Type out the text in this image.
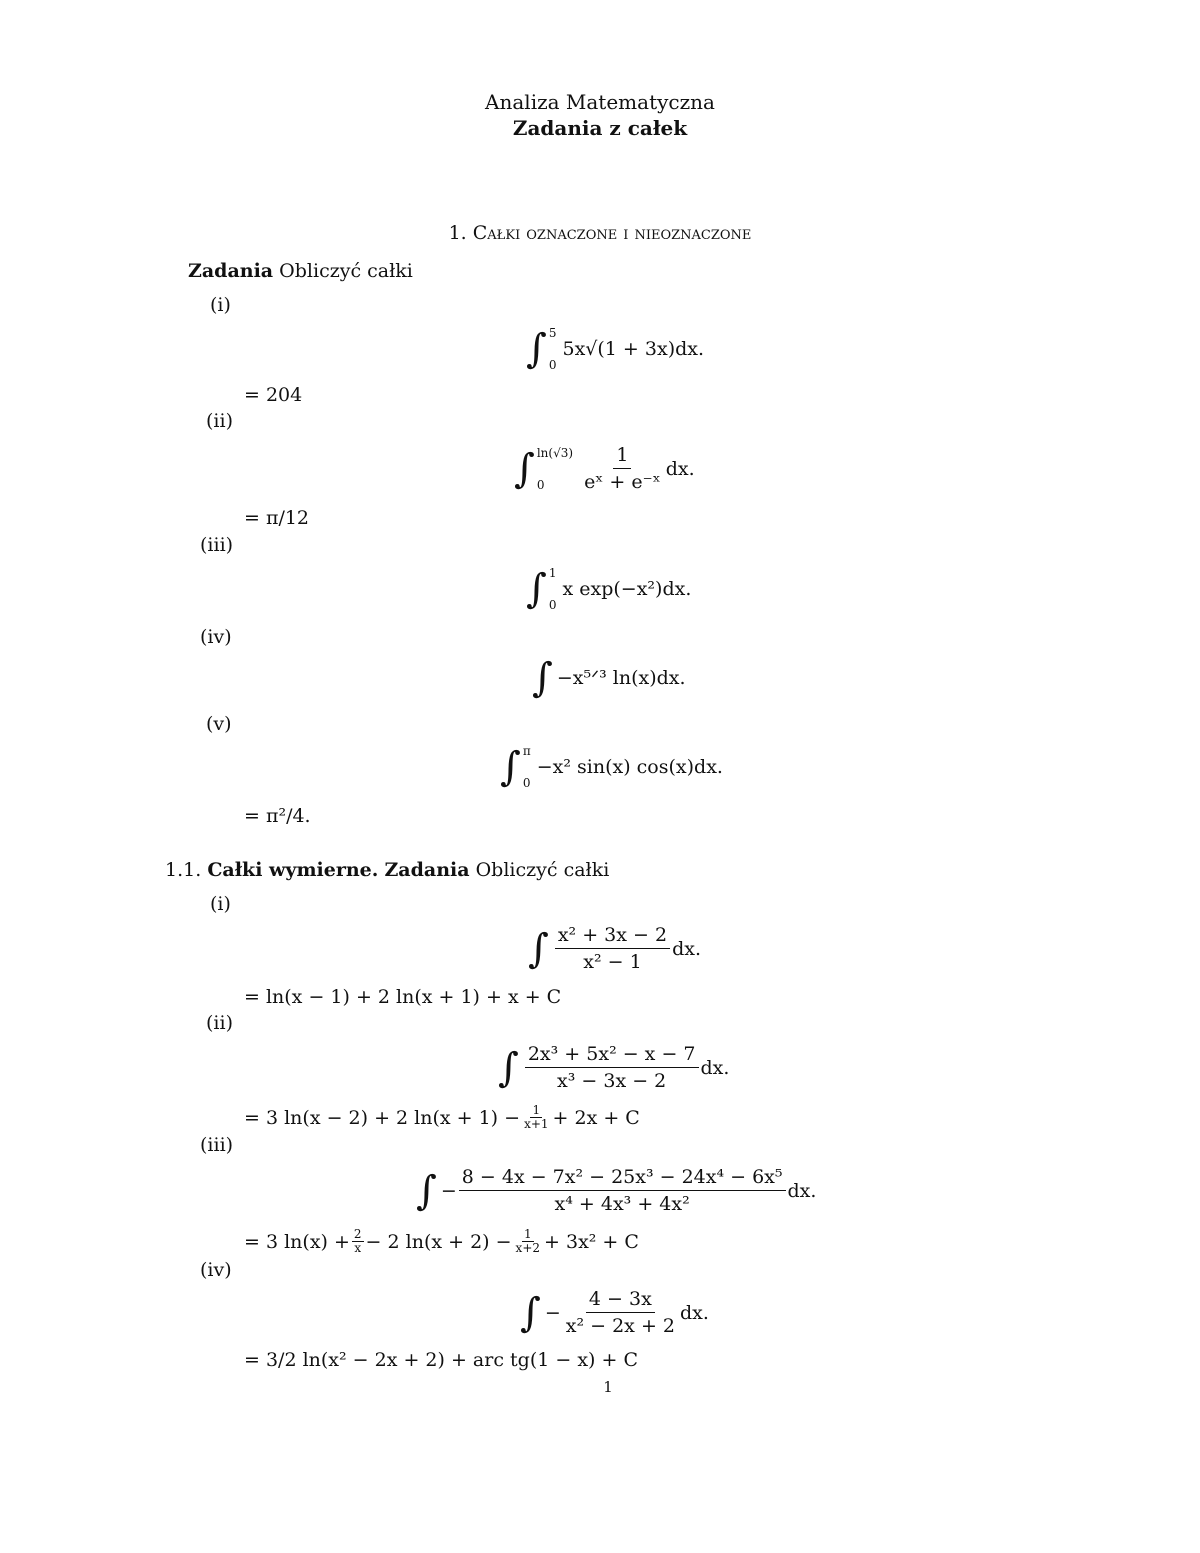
Analiza Matematyczna
Zadania z całek
1. Całki oznaczone i nieoznaczone
Zadania Obliczyć całki
(i)
∫ 5
0
5x√(1 + 3x)dx.
= 204
(ii)
∫ ln(√3)
0	$\frac{1}{\text{eˣ + e⁻ˣ}}$ dx.
= π/12
(iii)
∫ 1
0
x exp(−x²)dx.
(iv)
∫ −x⁵ᐟ³ ln(x)dx.
(v)
∫ π
0
−x² sin(x) cos(x)dx.
= π²/4.
1.1. Całki wymierne. Zadania Obliczyć całki
(i)
∫ $\frac{\text{x² + 3x − 2}}{\text{x² − 1}}$ dx.
= ln(x − 1) + 2 ln(x + 1) + x + C
(ii)
∫ $\frac{\text{2x³ + 5x² − x − 7}}{\text{x³ − 3x − 2}}$ dx.
= 3 ln(x − 2) + 2 $\ln(x + 1) - \frac{1}{x+1} + 2x + C$
(iii)
∫ − $\frac{\text{8 − 4x − 7x² − 25x³ − 24x⁴ − 6x⁵}}{\text{x⁴ + 4x³ + 4x²}}$ dx.
= 3 $\ln(x) + \frac{2}{x} - 2$ $\ln(x + 2) - \frac{1}{x+2} + 3x^2 + C$
(iv)
∫ − $\frac{4 - 3x}{\text{x² − 2x + 2}}$ dx.
= 3/2 ln(x² − 2x + 2) + arc tg(1 − x) + C
1
